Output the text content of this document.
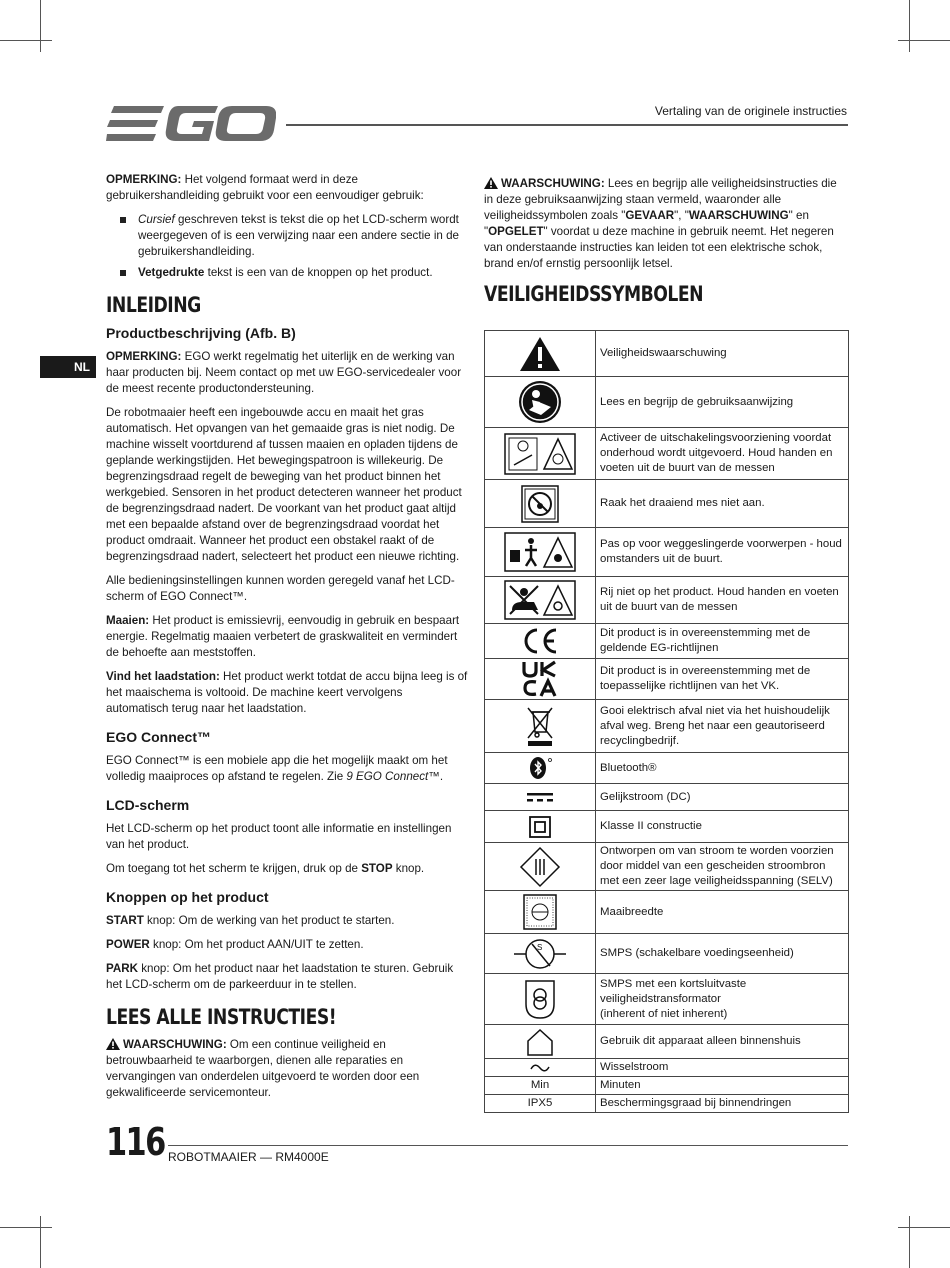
Vertaling van de originele instructies
NL

OPMERKING: Het volgend formaat werd in deze gebruikershandleiding gebruikt voor een eenvoudiger gebruik:

Cursief geschreven tekst is tekst die op het LCD-scherm wordt weergegeven of is een verwijzing naar een andere sectie in de gebruikershandleiding.
Vetgedrukte tekst is een van de knoppen op het product.
INLEIDING
Productbeschrijving (Afb. B)

OPMERKING: EGO werkt regelmatig het uiterlijk en de werking van haar producten bij. Neem contact op met uw EGO-servicedealer voor de meest recente productondersteuning.

De robotmaaier heeft een ingebouwde accu en maait het gras automatisch. Het opvangen van het gemaaide gras is niet nodig. De machine wisselt voortdurend af tussen maaien en opladen tijdens de geplande werkingstijden. Het bewegingspatroon is willekeurig. De begrenzingsdraad regelt de beweging van het product binnen het werkgebied. Sensoren in het product detecteren wanneer het product de begrenzingsdraad nadert. De voorkant van het product gaat altijd met een bepaalde afstand over de begrenzingsdraad voordat het product omdraait. Wanneer het product een obstakel raakt of de begrenzingsdraad nadert, selecteert het product een nieuwe richting.

Alle bedieningsinstellingen kunnen worden geregeld vanaf het LCD-scherm of EGO Connect™.

Maaien: Het product is emissievrij, eenvoudig in gebruik en bespaart energie. Regelmatig maaien verbetert de graskwaliteit en vermindert de behoefte aan meststoffen.

Vind het laadstation: Het product werkt totdat de accu bijna leeg is of het maaischema is voltooid. De machine keert vervolgens automatisch terug naar het laadstation.

EGO Connect™

EGO Connect™ is een mobiele app die het mogelijk maakt om het volledig maaiproces op afstand te regelen. Zie 9 EGO Connect™.

LCD-scherm

Het LCD-scherm op het product toont alle informatie en instellingen van het product.

Om toegang tot het scherm te krijgen, druk op de STOP knop.

Knoppen op het product

START knop: Om de werking van het product te starten.

POWER knop: Om het product AAN/UIT te zetten.

PARK knop: Om het product naar het laadstation te sturen. Gebruik het LCD-scherm om de parkeerduur in te stellen.

LEES ALLE INSTRUCTIES!

WAARSCHUWING: Om een continue veiligheid en betrouwbaarheid te waarborgen, dienen alle reparaties en vervangingen van onderdelen uitgevoerd te worden door een gekwalificeerde servicemonteur.

WAARSCHUWING: Lees en begrijp alle veiligheidsinstructies die in deze gebruiksaanwijzing staan vermeld, waaronder alle veiligheidssymbolen zoals "GEVAAR", "WAARSCHUWING" en "OPGELET" voordat u deze machine in gebruik neemt. Het negeren van onderstaande instructies kan leiden tot een elektrische schok, brand en/of ernstig persoonlijk letsel.

VEILIGHEIDSSYMBOLEN
	Veiligheidswaarschuwing

	Lees en begrijp de gebruiksaanwijzing

	Activeer de uitschakelingsvoorziening voordat onderhoud wordt uitgevoerd. Houd handen en voeten uit de buurt van de messen

	Raak het draaiend mes niet aan.

	Pas op voor weggeslingerde voorwerpen - houd omstanders uit de buurt.

	Rij niet op het product. Houd handen en voeten uit de buurt van de messen

	Dit product is in overeenstemming met de geldende EG-richtlijnen

	Dit product is in overeenstemming met de toepasselijke richtlijnen van het VK.

	Gooi elektrisch afval niet via het huishoudelijk afval weg. Breng het naar een geautoriseerd recyclingbedrijf.

	Bluetooth®

	Gelijkstroom (DC)

	Klasse II constructie

	Ontworpen om van stroom te worden voorzien door middel van een gescheiden stroombron met een zeer lage veiligheidsspanning (SELV)

	Maaibreedte

S	SMPS (schakelbare voedingseenheid)

	SMPS met een kortsluitvaste veiligheidstransformator
(inherent of niet inherent)

	Gebruik dit apparaat alleen binnenshuis

	Wisselstroom
Min	Minuten
IPX5	Beschermingsgraad bij binnendringen
116 ROBOTMAAIER — RM4000E
